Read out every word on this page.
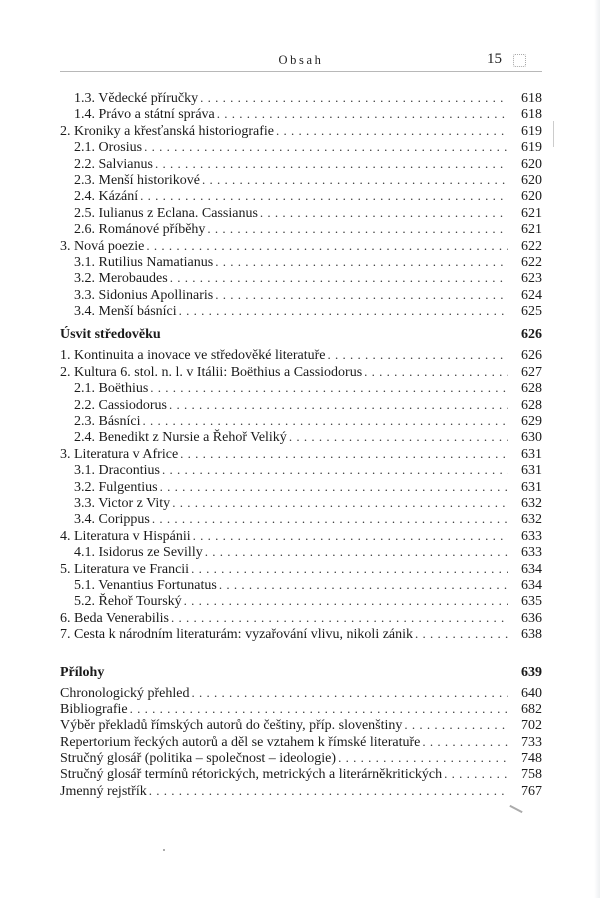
Obsah	15
1.3. Vědecké příručky . . .	618
1.4. Právo a státní správa . . .	618
2. Kroniky a křesťanská historiografie . . .	619
2.1. Orosius . . .	619
2.2. Salvianus . . .	620
2.3. Menší historikové . . .	620
2.4. Kázání . . .	620
2.5. Iulianus z Eclana. Cassianus . . .	621
2.6. Románové příběhy . . .	621
3. Nová poezie . . .	622
3.1. Rutilius Namatianus . . .	622
3.2. Merobaudes . . .	623
3.3. Sidonius Apollinaris . . .	624
3.4. Menší básníci . . .	625
Úsvit středověku	626
1. Kontinuita a inovace ve středověké literatuře . . .	626
2. Kultura 6. stol. n. l. v Itálii: Boëthius a Cassiodorus . . .	627
2.1. Boëthius . . .	628
2.2. Cassiodorus . . .	628
2.3. Básníci . . .	629
2.4. Benedikt z Nursie a Řehoř Veliký . . .	630
3. Literatura v Africe . . .	631
3.1. Dracontius . . .	631
3.2. Fulgentius . . .	631
3.3. Victor z Vity . . .	632
3.4. Corippus . . .	632
4. Literatura v Hispánii . . .	633
4.1. Isidorus ze Sevilly . . .	633
5. Literatura ve Francii . . .	634
5.1. Venantius Fortunatus . . .	634
5.2. Řehoř Tourský . . .	635
6. Beda Venerabilis . . .	636
7. Cesta k národním literaturám: vyzařování vlivu, nikoli zánik . . .	638
Přílohy	639
Chronologický přehled . . .	640
Bibliografie . . .	682
Výběr překladů římských autorů do češtiny, příp. slovenštiny . . .	702
Repertorium řeckých autorů a děl se vztahem k římské literatuře . . .	733
Stručný glosář (politika – společnost – ideologie) . . .	748
Stručný glosář termínů rétorických, metrických a literárněkritických . . .	758
Jmenný rejstřík . . .	767
